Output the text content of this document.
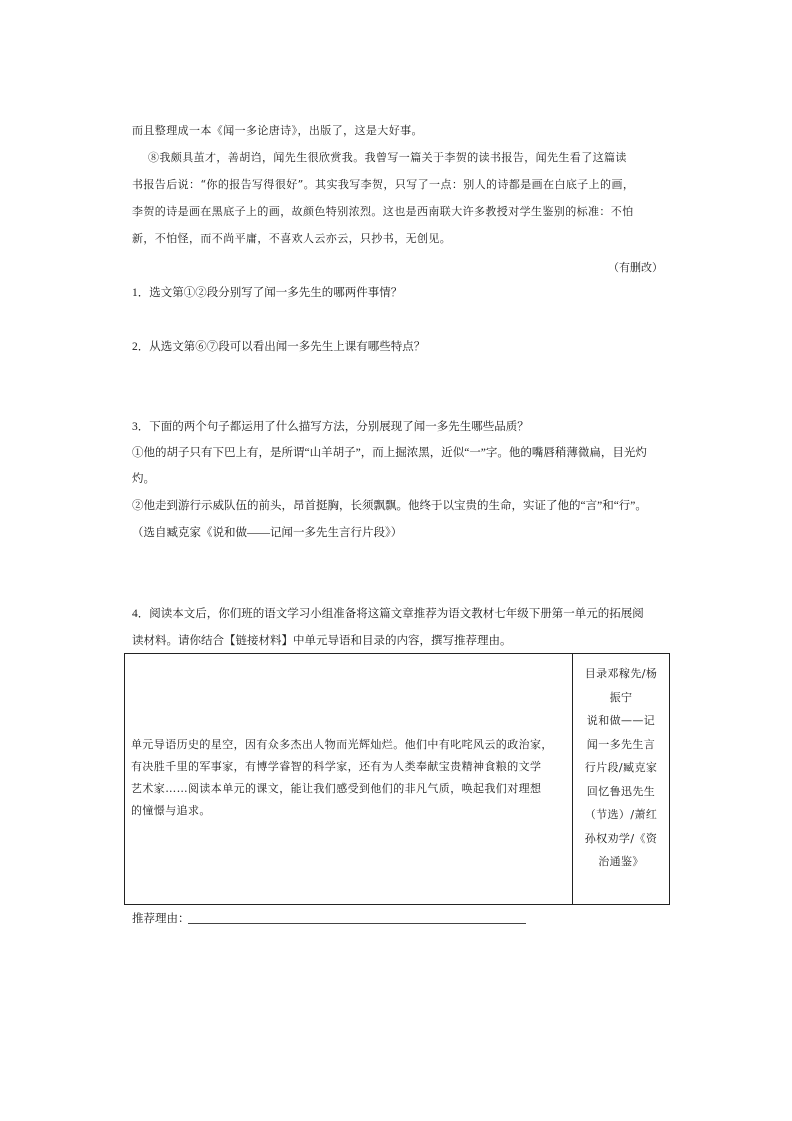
而且整理成一本《闻一多论唐诗》，出版了，这是大好事。
⑧我颇具茧才，善胡诌，闻先生很欣赏我。我曾写一篇关于李贺的读书报告，闻先生看了这篇读
书报告后说：“你的报告写得很好”。其实我写李贺，只写了一点：别人的诗都是画在白底子上的画，
李贺的诗是画在黑底子上的画，故颜色特别浓烈。这也是西南联大许多教授对学生鉴别的标准：不怕
新，不怕怪，而不尚平庸，不喜欢人云亦云，只抄书，无创见。
（有删改）
1．选文第①②段分别写了闻一多先生的哪两件事情？
2．从选文第⑥⑦段可以看出闻一多先生上课有哪些特点？
3．下面的两个句子都运用了什么描写方法，分别展现了闻一多先生哪些品质？
①他的胡子只有下巴上有，是所谓“山羊胡子”，而上掘浓黑，近似“一”字。他的嘴唇稍薄微扁，目光灼
灼。
②他走到游行示威队伍的前头，昂首挺胸，长须飘飘。他终于以宝贵的生命，实证了他的“言”和“行”。
（选自臧克家《说和做——记闻一多先生言行片段》）
4．阅读本文后，你们班的语文学习小组准备将这篇文章推荐为语文教材七年级下册第一单元的拓展阅
读材料。请你结合【链接材料】中单元导语和目录的内容，撰写推荐理由。
单元导语历史的星空，因有众多杰出人物而光辉灿烂。他们中有叱咤风云的政治家，
有决胜千里的军事家，有博学睿智的科学家，还有为人类奉献宝贵精神食粮的文学
艺术家……阅读本单元的课文，能让我们感受到他们的非凡气质，唤起我们对理想
的憧憬与追求。
目录邓稼先/杨
振宁
说和做——记
闻一多先生言
行片段/臧克家
回忆鲁迅先生
（节选）/萧红
孙权劝学/《资
治通鉴》
推荐理由：
